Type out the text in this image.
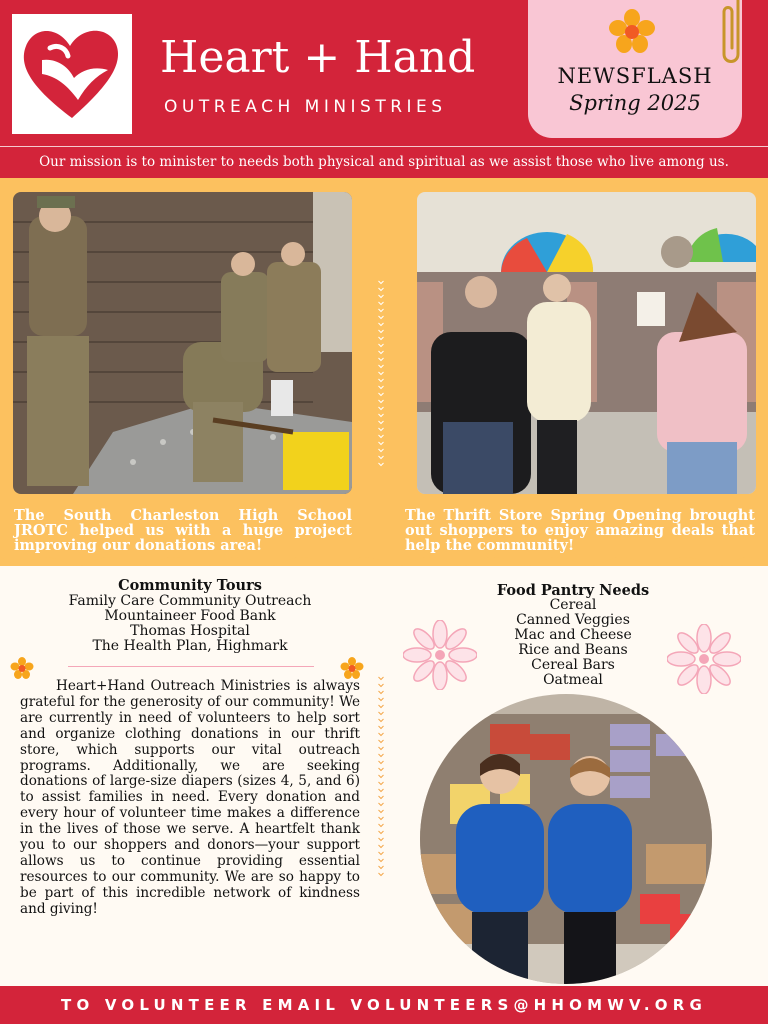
Heart + Hand
OUTREACH MINISTRIES
NEWSFLASH
Spring 2025
Our mission is to minister to needs both physical and spiritual as we assist those who live among us.
The South Charleston High School JROTC helped us with a huge project improving our donations area!
The Thrift Store Spring Opening brought out shoppers to enjoy amazing deals that help the community!
Community Tours
Family Care Community Outreach
Mountaineer Food Bank
Thomas Hospital
The Health Plan, Highmark
Heart+Hand Outreach Ministries is always grateful for the generosity of our community! We are currently in need of volunteers to help sort and organize clothing donations in our thrift store, which supports our vital outreach programs. Additionally, we are seeking donations of large-size diapers (sizes 4, 5, and 6) to assist families in need. Every donation and every hour of volunteer time makes a difference in the lives of those we serve. A heartfelt thank you to our shoppers and donors—your support allows us to continue providing essential resources to our community. We are so happy to be part of this incredible network of kindness and giving!
Food Pantry Needs
Cereal
Canned Veggies
Mac and Cheese
Rice and Beans
Cereal Bars
Oatmeal
TO VOLUNTEER EMAIL VOLUNTEERS@HHOMWV.ORG
